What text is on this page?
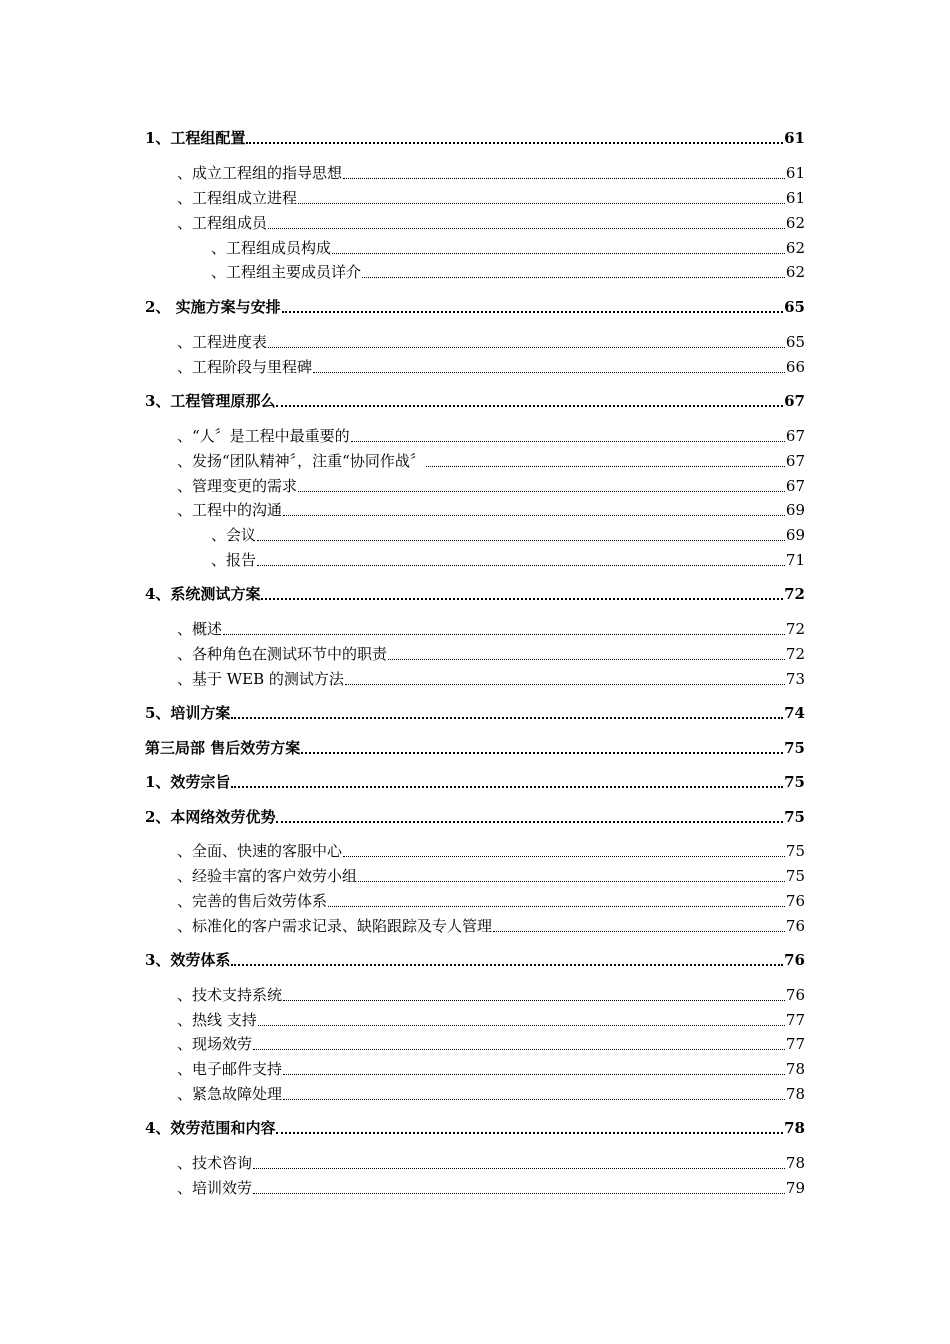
1、工程组配置	61
、成立工程组的指导思想	61
、工程组成立进程	61
、工程组成员	62
、工程组成员构成	62
、工程组主要成员详介	62
2、 实施方案与安排	65
、工程进度表	65
、工程阶段与里程碑	66
3、工程管理原那么	67
、“人〞是工程中最重要的	67
、发扬“团队精神〞，注重“协同作战〞	67
、管理变更的需求	67
、工程中的沟通	69
、会议	69
、报告	71
4、系统测试方案	72
、概述	72
、各种角色在测试环节中的职责	72
、基于 WEB 的测试方法	73
5、培训方案	74
第三局部 售后效劳方案	75
1、效劳宗旨	75
2、本网络效劳优势	75
、全面、快速的客服中心	75
、经验丰富的客户效劳小组	75
、完善的售后效劳体系	76
、标准化的客户需求记录、缺陷跟踪及专人管理	76
3、效劳体系	76
、技术支持系统	76
、热线 支持	77
、现场效劳	77
、电子邮件支持	78
、紧急故障处理	78
4、效劳范围和内容	78
、技术咨询	78
、培训效劳	79
